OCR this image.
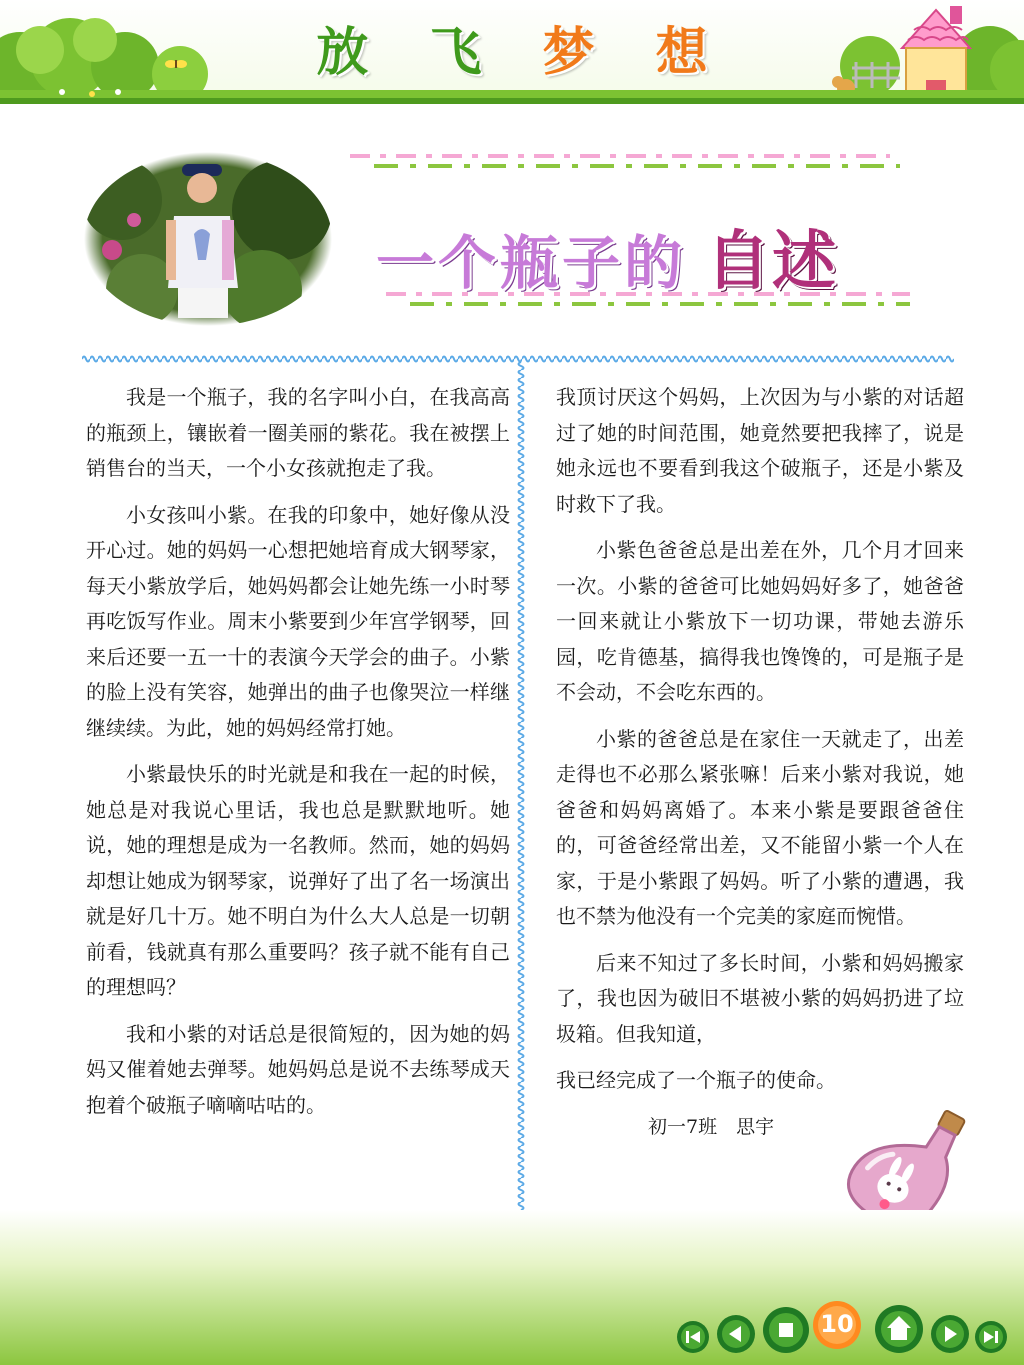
放 飞 梦 想
一个瓶子的 自述

我是一个瓶子，我的名字叫小白，在我高高的瓶颈上，镶嵌着一圈美丽的紫花。我在被摆上销售台的当天，一个小女孩就抱走了我。

小女孩叫小紫。在我的印象中，她好像从没开心过。她的妈妈一心想把她培育成大钢琴家，每天小紫放学后，她妈妈都会让她先练一小时琴再吃饭写作业。周末小紫要到少年宫学钢琴，回来后还要一五一十的表演今天学会的曲子。小紫的脸上没有笑容，她弹出的曲子也像哭泣一样继继续续。为此，她的妈妈经常打她。

小紫最快乐的时光就是和我在一起的时候，她总是对我说心里话，我也总是默默地听。她说，她的理想是成为一名教师。然而，她的妈妈却想让她成为钢琴家，说弹好了出了名一场演出就是好几十万。她不明白为什么大人总是一切朝前看，钱就真有那么重要吗？孩子就不能有自己的理想吗？

我和小紫的对话总是很简短的，因为她的妈妈又催着她去弹琴。她妈妈总是说不去练琴成天抱着个破瓶子嘀嘀咕咕的。

我顶讨厌这个妈妈，上次因为与小紫的对话超过了她的时间范围，她竟然要把我摔了，说是她永远也不要看到我这个破瓶子，还是小紫及时救下了我。

小紫色爸爸总是出差在外，几个月才回来一次。小紫的爸爸可比她妈妈好多了，她爸爸一回来就让小紫放下一切功课，带她去游乐园，吃肯德基，搞得我也馋馋的，可是瓶子是不会动，不会吃东西的。

小紫的爸爸总是在家住一天就走了，出差走得也不必那么紧张嘛！后来小紫对我说，她爸爸和妈妈离婚了。本来小紫是要跟爸爸住的，可爸爸经常出差，又不能留小紫一个人在家，于是小紫跟了妈妈。听了小紫的遭遇，我也不禁为他没有一个完美的家庭而惋惜。

后来不知过了多长时间，小紫和妈妈搬家了，我也因为破旧不堪被小紫的妈妈扔进了垃圾箱。但我知道，

我已经完成了一个瓶子的使命。

初一7班　思宇
10
